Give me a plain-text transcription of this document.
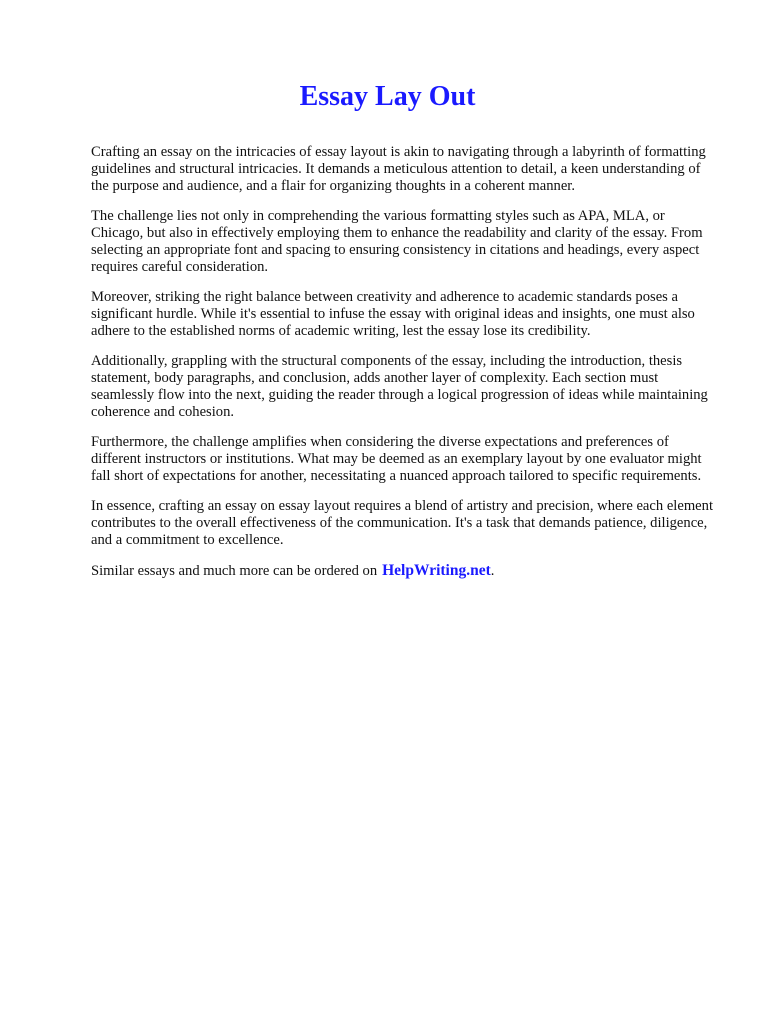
Essay Lay Out

Crafting an essay on the intricacies of essay layout is akin to navigating through a labyrinth of formatting guidelines and structural intricacies. It demands a meticulous attention to detail, a keen understanding of the purpose and audience, and a flair for organizing thoughts in a coherent manner.

The challenge lies not only in comprehending the various formatting styles such as APA, MLA, or Chicago, but also in effectively employing them to enhance the readability and clarity of the essay. From selecting an appropriate font and spacing to ensuring consistency in citations and headings, every aspect requires careful consideration.

Moreover, striking the right balance between creativity and adherence to academic standards poses a significant hurdle. While it's essential to infuse the essay with original ideas and insights, one must also adhere to the established norms of academic writing, lest the essay lose its credibility.

Additionally, grappling with the structural components of the essay, including the introduction, thesis statement, body paragraphs, and conclusion, adds another layer of complexity. Each section must seamlessly flow into the next, guiding the reader through a logical progression of ideas while maintaining coherence and cohesion.

Furthermore, the challenge amplifies when considering the diverse expectations and preferences of different instructors or institutions. What may be deemed as an exemplary layout by one evaluator might fall short of expectations for another, necessitating a nuanced approach tailored to specific requirements.

In essence, crafting an essay on essay layout requires a blend of artistry and precision, where each element contributes to the overall effectiveness of the communication. It's a task that demands patience, diligence, and a commitment to excellence.

Similar essays and much more can be ordered on HelpWriting.net.
